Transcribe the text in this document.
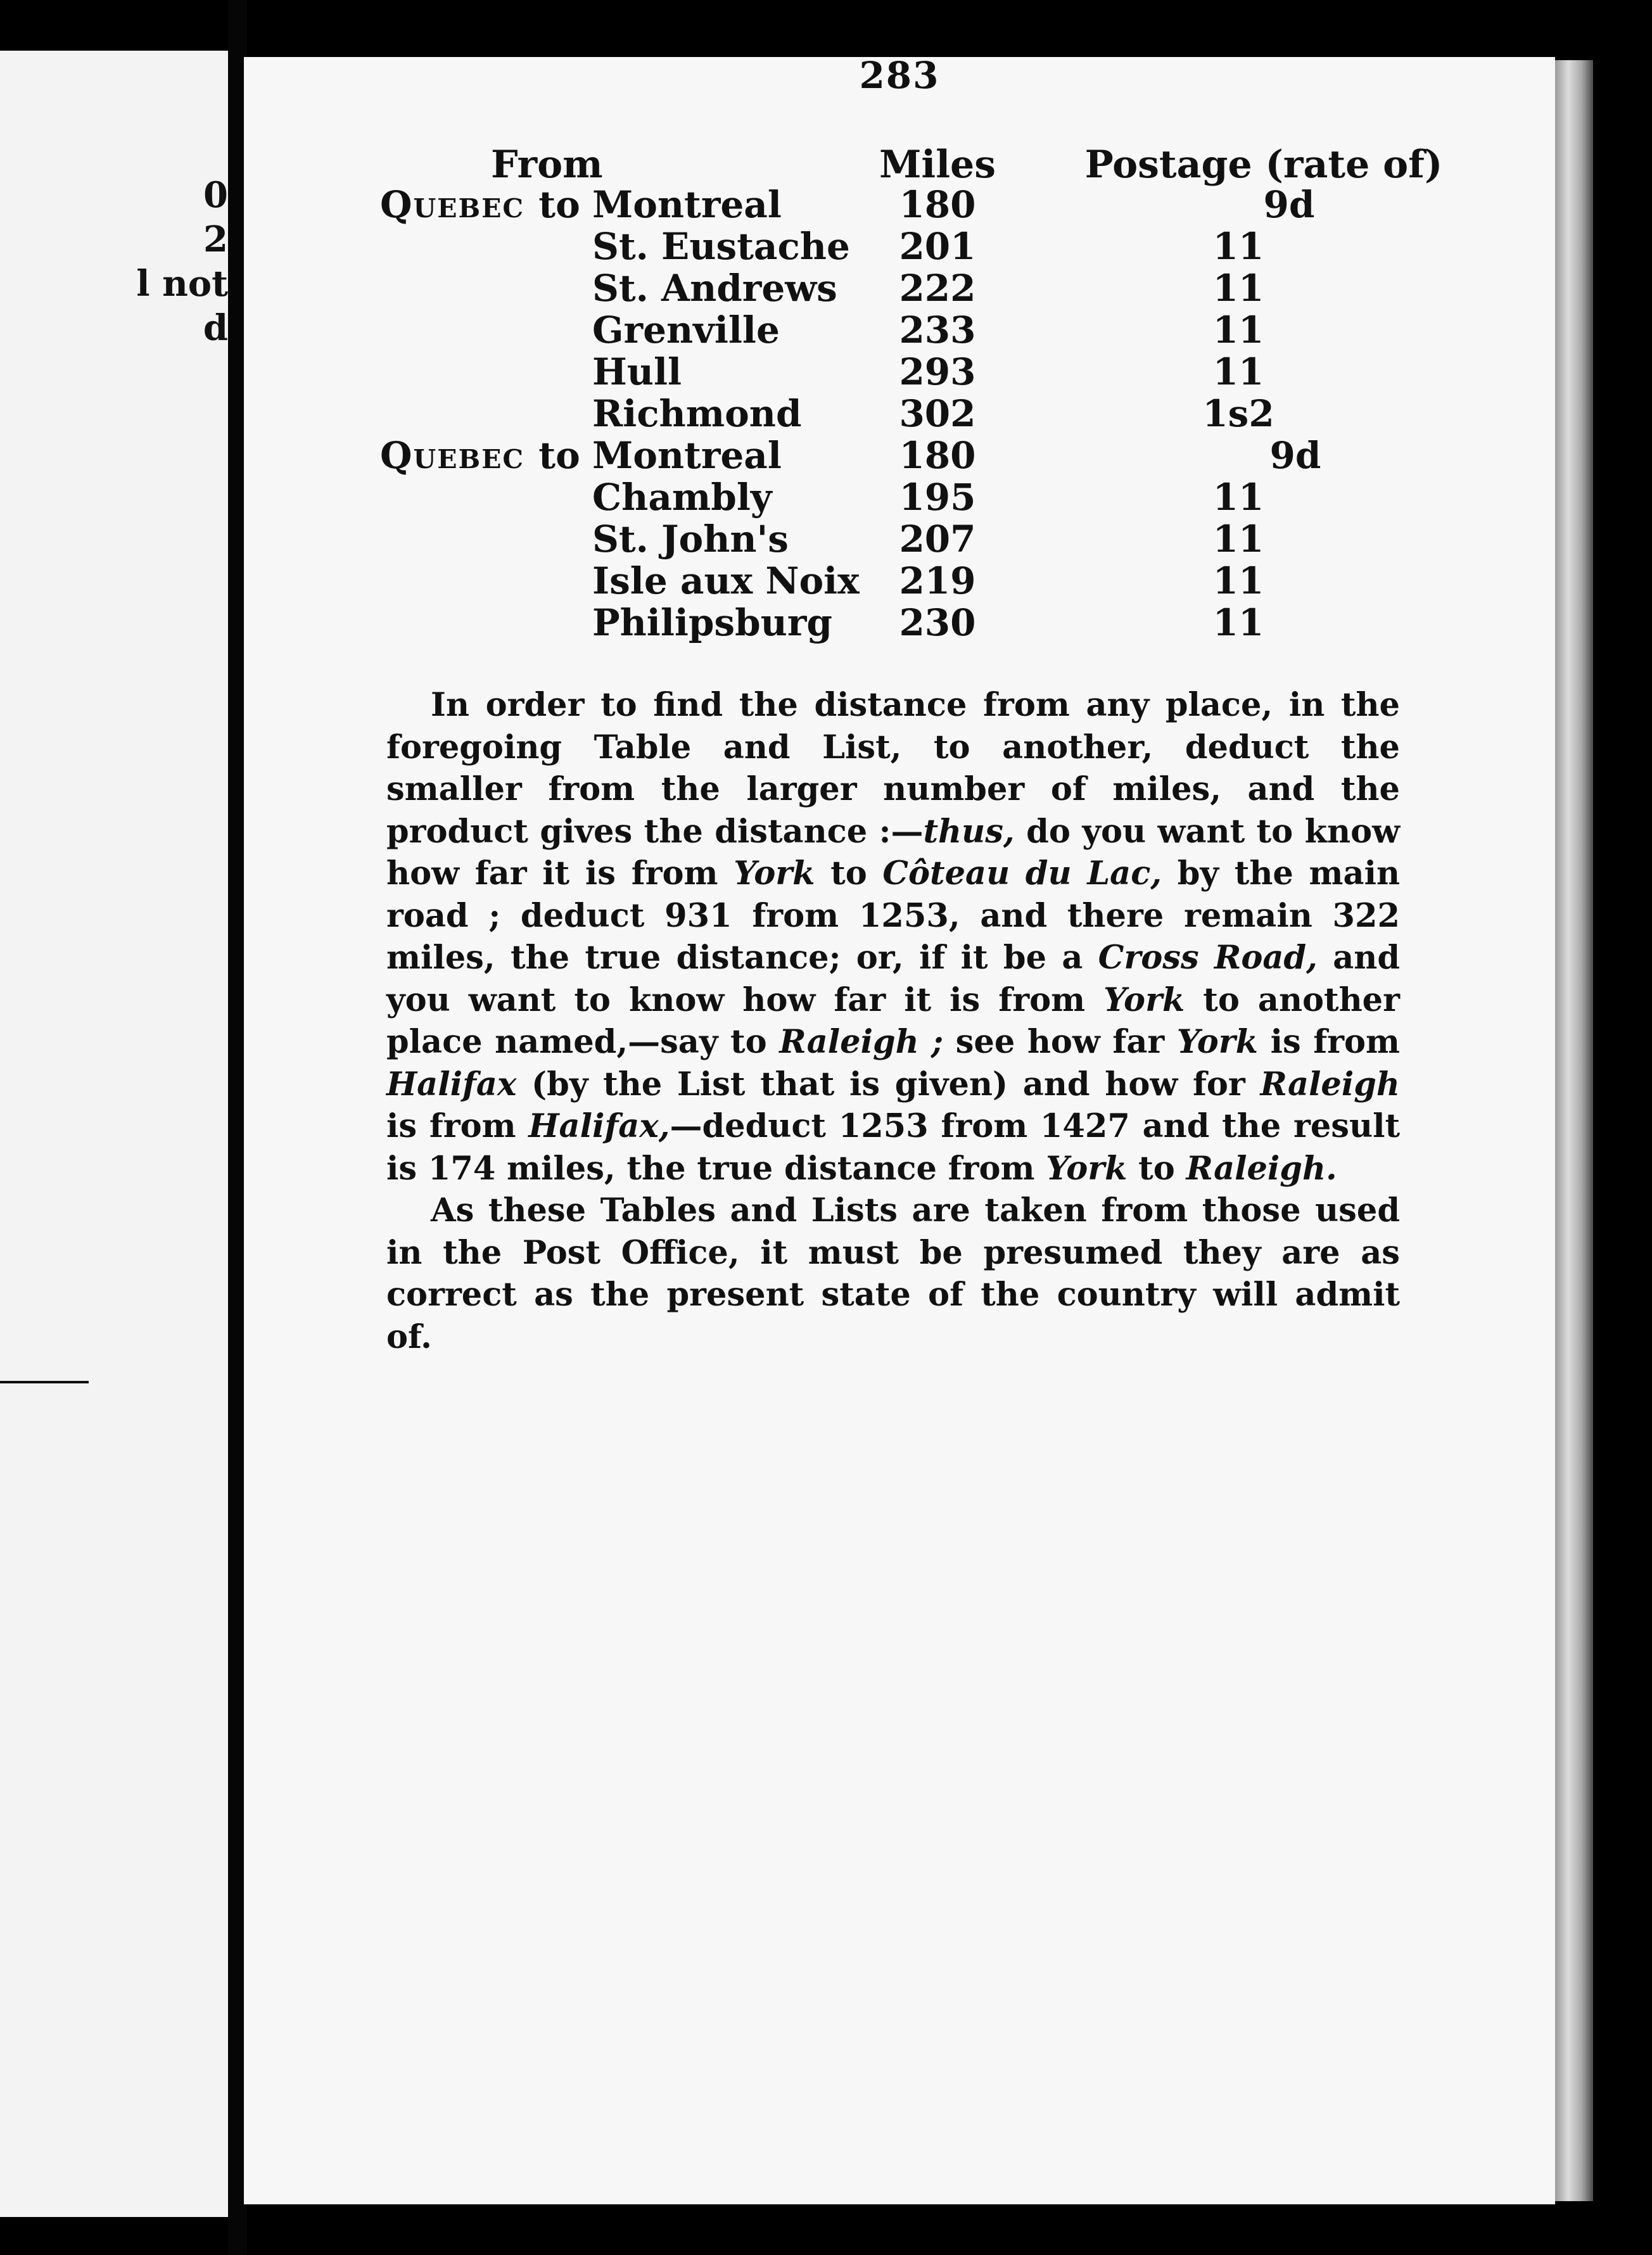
0
2
l not
d
283
From	Miles	Postage (rate of)
Quebec to Montreal	180	9d
St. Eustache	201	11
St. Andrews	222	11
Grenville	233	11
Hull	293	11
Richmond	302	1s2
Quebec to Montreal	180	9d
Chambly	195	11
St. John's	207	11
Isle aux Noix	219	11
Philipsburg	230	11

In order to find the distance from any place, in the foregoing Table and List, to another, deduct the smaller from the larger number of miles, and the product gives the distance :—thus, do you want to know how far it is from York to Côteau du Lac, by the main road ; deduct 931 from 1253, and there remain 322 miles, the true distance; or, if it be a Cross Road, and you want to know how far it is from York to another place named,—say to Raleigh ; see how far York is from Halifax (by the List that is given) and how for Raleigh is from Halifax,—deduct 1253 from 1427 and the result is 174 miles, the true distance from York to Raleigh.

As these Tables and Lists are taken from those used in the Post Office, it must be presumed they are as correct as the present state of the country will admit of.
